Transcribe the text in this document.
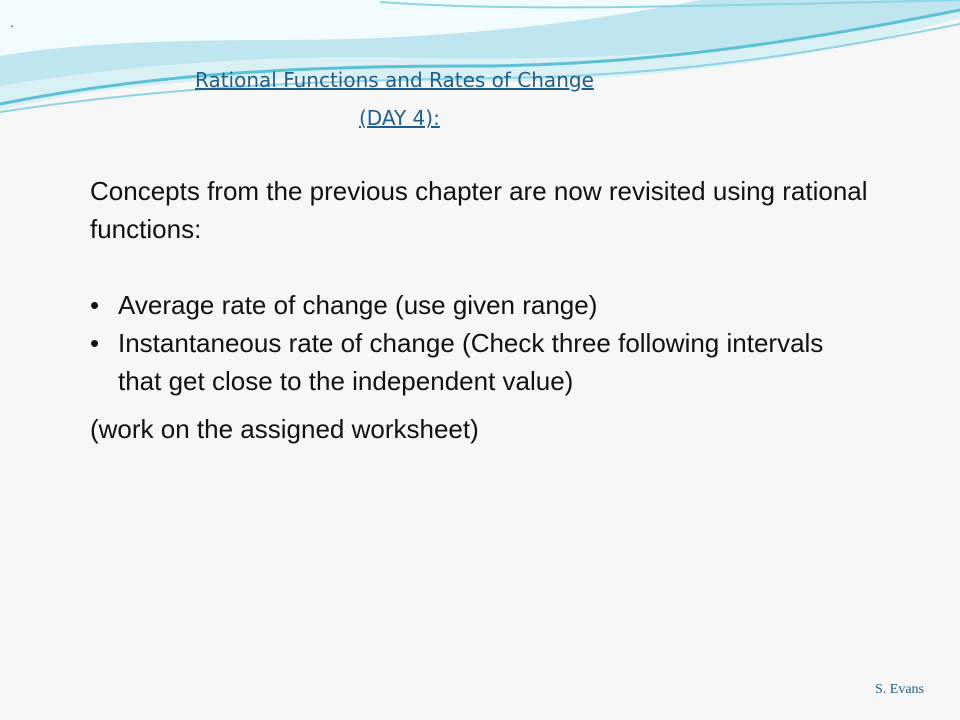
.
Rational Functions and Rates of Change
(DAY 4):

Concepts from the previous chapter are now revisited using rational functions:

• Average rate of change (use given range)
• Instantaneous rate of change (Check three following intervals that get close to the independent value)

(work on the assigned worksheet)

S. Evans
